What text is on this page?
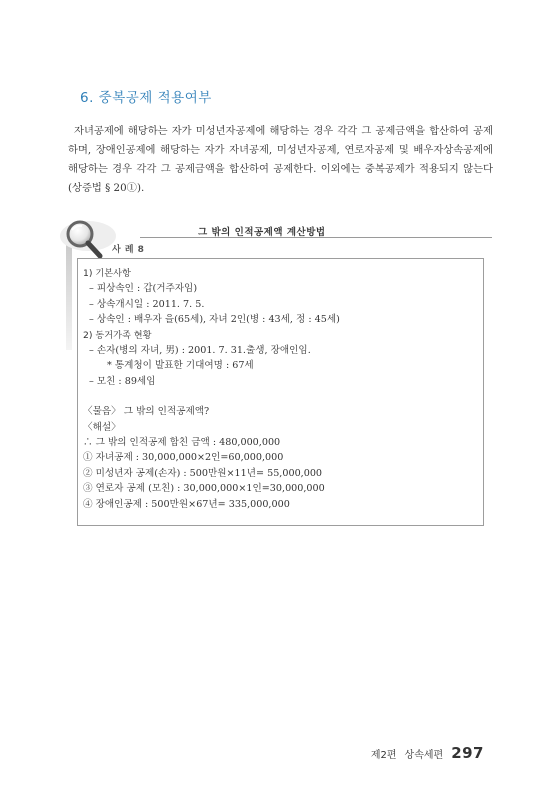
6. 중복공제 적용여부

자녀공제에 해당하는 자가 미성년자공제에 해당하는 경우 각각 그 공제금액을 합산하여 공제하며, 장애인공제에 해당하는 자가 자녀공제, 미성년자공제, 연로자공제 및 배우자상속공제에 해당하는 경우 각각 그 공제금액을 합산하여 공제한다. 이외에는 중복공제가 적용되지 않는다(상증법 § 20①).

그 밖의 인적공제액 계산방법
사 례 8
1) 기본사항
– 피상속인 : 갑(거주자임)
– 상속개시일 : 2011. 7. 5.
– 상속인 : 배우자 을(65세), 자녀 2인(병 : 43세, 정 : 45세)
2) 동거가족 현황
– 손자(병의 자녀, 男) : 2001. 7. 31.출생, 장애인임.
* 통계청이 발표한 기대여명 : 67세
– 모친 : 89세임
〈물음〉 그 밖의 인적공제액?
〈해설〉
∴ 그 밖의 인적공제 합친 금액 : 480,000,000
① 자녀공제 : 30,000,000×2인=60,000,000
② 미성년자 공제(손자) : 500만원×11년= 55,000,000
③ 연로자 공제 (모친) : 30,000,000×1인=30,000,000
④ 장애인공제 : 500만원×67년= 335,000,000
제2편 상속세편 297
